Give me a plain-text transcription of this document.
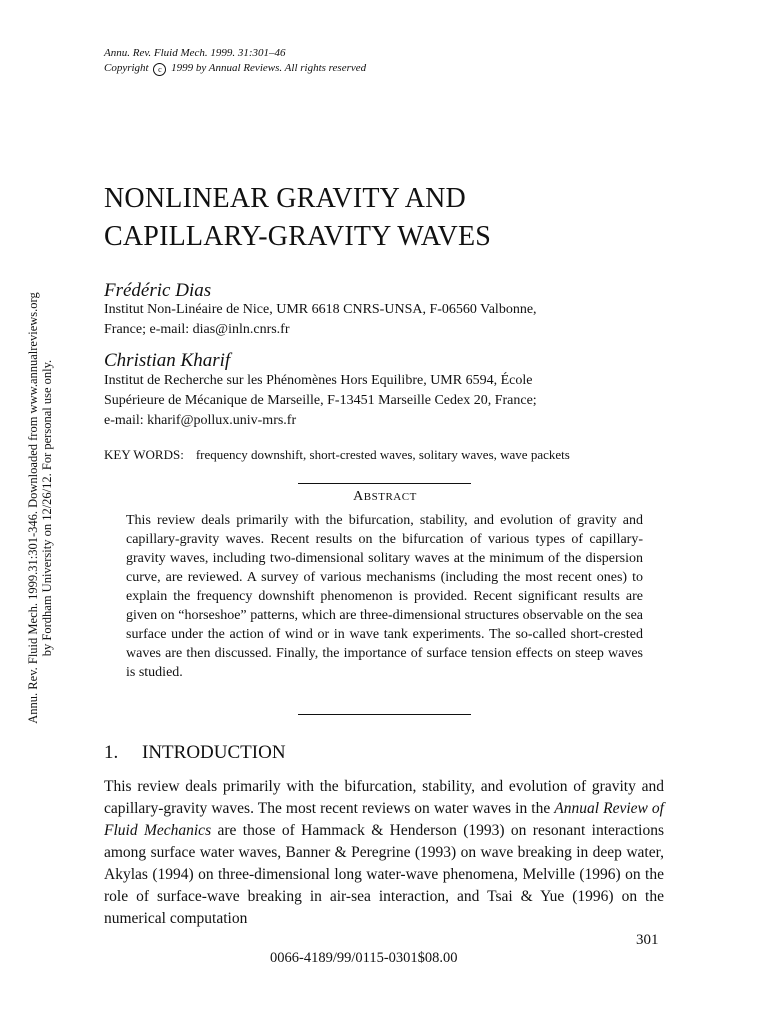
Annu. Rev. Fluid Mech. 1999. 31:301–46
Copyright c 1999 by Annual Reviews. All rights reserved
NONLINEAR GRAVITY AND
CAPILLARY-GRAVITY WAVES
Frédéric Dias
Institut Non-Linéaire de Nice, UMR 6618 CNRS-UNSA, F-06560 Valbonne,
France; e-mail: dias@inln.cnrs.fr
Christian Kharif
Institut de Recherche sur les Phénomènes Hors Equilibre, UMR 6594, École
Supérieure de Mécanique de Marseille, F-13451 Marseille Cedex 20, France;
e-mail: kharif@pollux.univ-mrs.fr
KEY WORDS: frequency downshift, short-crested waves, solitary waves, wave packets
ABSTRACT
This review deals primarily with the bifurcation, stability, and evolution of gravity and capillary-gravity waves. Recent results on the bifurcation of various types of capillary-gravity waves, including two-dimensional solitary waves at the minimum of the dispersion curve, are reviewed. A survey of various mechanisms (including the most recent ones) to explain the frequency downshift phenomenon is provided. Recent significant results are given on “horseshoe” patterns, which are three-dimensional structures observable on the sea surface under the action of wind or in wave tank experiments. The so-called short-crested waves are then discussed. Finally, the importance of surface tension effects on steep waves is studied.
1. INTRODUCTION
This review deals primarily with the bifurcation, stability, and evolution of gravity and capillary-gravity waves. The most recent reviews on water waves in the Annual Review of Fluid Mechanics are those of Hammack & Henderson (1993) on resonant interactions among surface water waves, Banner & Peregrine (1993) on wave breaking in deep water, Akylas (1994) on three-dimensional long water-wave phenomena, Melville (1996) on the role of surface-wave breaking in air-sea interaction, and Tsai & Yue (1996) on the numerical computation
301
0066-4189/99/0115-0301$08.00
Annu. Rev. Fluid Mech. 1999.31:301-346. Downloaded from www.annualreviews.org by Fordham University on 12/26/12. For personal use only.
